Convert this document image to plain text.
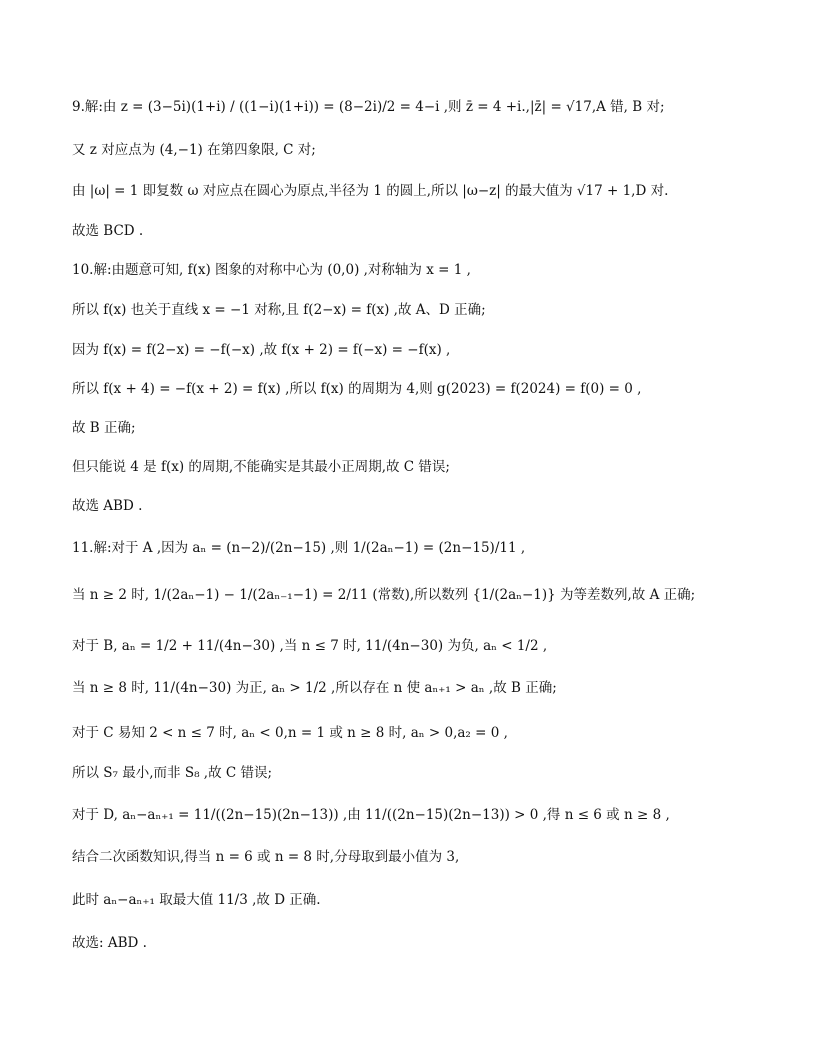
9.解:由 z = (3−5i)(1+i) / ((1−i)(1+i)) = (8−2i)/2 = 4−i ,则 z̄ = 4 +i.,|z̄| = √17,A 错, B 对;
又 z 对应点为 (4,−1) 在第四象限, C 对;
由 |ω| = 1 即复数 ω 对应点在圆心为原点,半径为 1 的圆上,所以 |ω−z| 的最大值为 √17 + 1,D 对.
故选 BCD .
10.解:由题意可知, f(x) 图象的对称中心为 (0,0) ,对称轴为 x = 1 ,
所以 f(x) 也关于直线 x = −1 对称,且 f(2−x) = f(x) ,故 A、D 正确;
因为 f(x) = f(2−x) = −f(−x) ,故 f(x + 2) = f(−x) = −f(x) ,
所以 f(x + 4) = −f(x + 2) = f(x) ,所以 f(x) 的周期为 4,则 g(2023) = f(2024) = f(0) = 0 ,
故 B 正确;
但只能说 4 是 f(x) 的周期,不能确实是其最小正周期,故 C 错误;
故选 ABD .
11.解:对于 A ,因为 aₙ = (n−2)/(2n−15) ,则 1/(2aₙ−1) = (2n−15)/11 ,
当 n ≥ 2 时, 1/(2aₙ−1) − 1/(2aₙ₋₁−1) = 2/11 (常数),所以数列 {1/(2aₙ−1)} 为等差数列,故 A 正确;
对于 B, aₙ = 1/2 + 11/(4n−30) ,当 n ≤ 7 时, 11/(4n−30) 为负, aₙ < 1/2 ,
当 n ≥ 8 时, 11/(4n−30) 为正, aₙ > 1/2 ,所以存在 n 使 aₙ₊₁ > aₙ ,故 B 正确;
对于 C 易知 2 < n ≤ 7 时, aₙ < 0,n = 1 或 n ≥ 8 时, aₙ > 0,a₂ = 0 ,
所以 S₇ 最小,而非 S₈ ,故 C 错误;
对于 D, aₙ−aₙ₊₁ = 11/((2n−15)(2n−13)) ,由 11/((2n−15)(2n−13)) > 0 ,得 n ≤ 6 或 n ≥ 8 ,
结合二次函数知识,得当 n = 6 或 n = 8 时,分母取到最小值为 3,
此时 aₙ−aₙ₊₁ 取最大值 11/3 ,故 D 正确.
故选: ABD .
